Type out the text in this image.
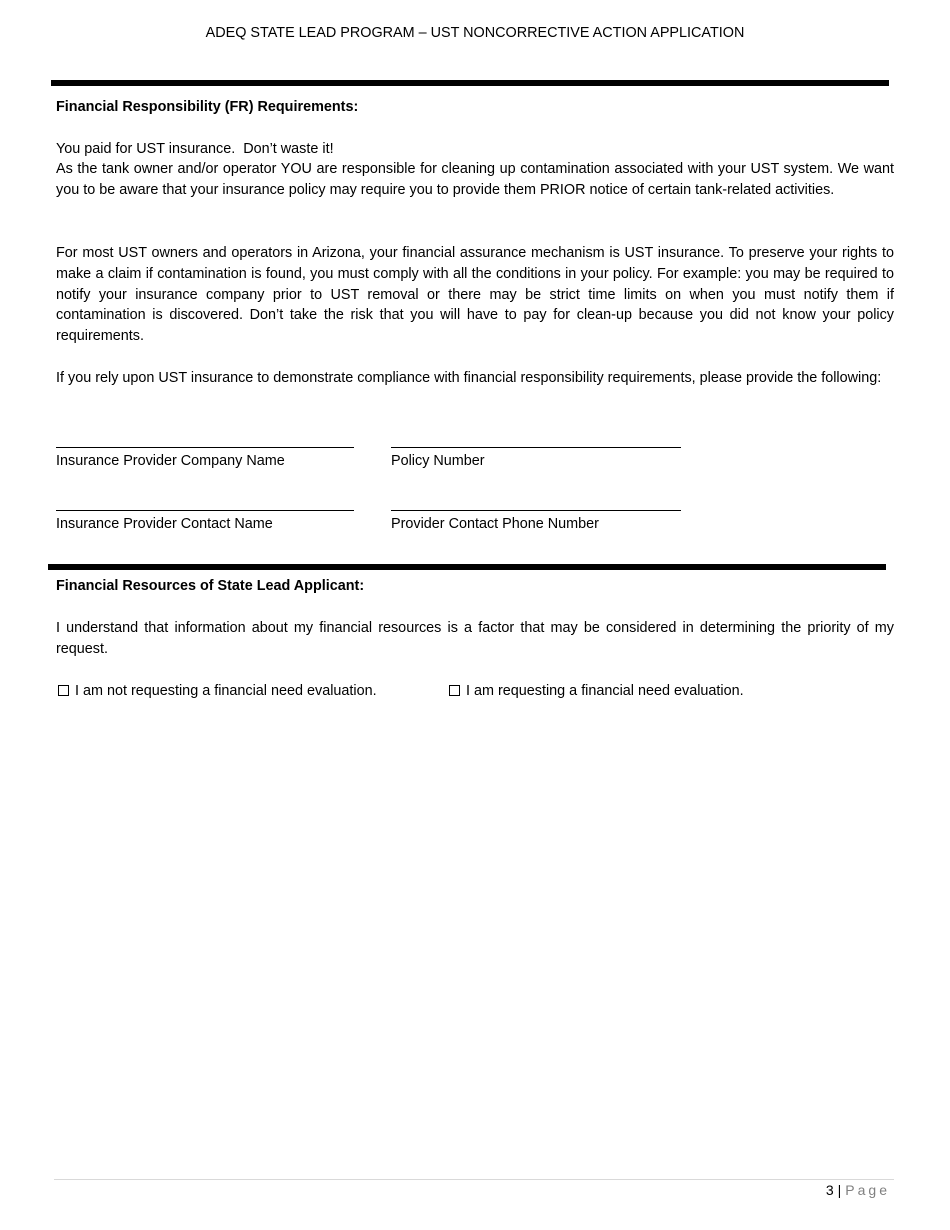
ADEQ STATE LEAD PROGRAM – UST NONCORRECTIVE ACTION APPLICATION
Financial Responsibility (FR) Requirements:
You paid for UST insurance.  Don’t waste it!

As the tank owner and/or operator YOU are responsible for cleaning up contamination associated with your UST system. We want you to be aware that your insurance policy may require you to provide them PRIOR notice of certain tank-related activities.

For most UST owners and operators in Arizona, your financial assurance mechanism is UST insurance. To preserve your rights to make a claim if contamination is found, you must comply with all the conditions in your policy. For example: you may be required to notify your insurance company prior to UST removal or there may be strict time limits on when you must notify them if contamination is discovered. Don’t take the risk that you will have to pay for clean-up because you did not know your policy requirements.

If you rely upon UST insurance to demonstrate compliance with financial responsibility requirements, please provide the following:

Insurance Provider Company Name	Policy Number
Insurance Provider Contact Name	Provider Contact Phone Number
Financial Resources of State Lead Applicant:

I understand that information about my financial resources is a factor that may be considered in determining the priority of my request.

I am not requesting a financial need evaluation.	I am requesting a financial need evaluation.
3 | Page
